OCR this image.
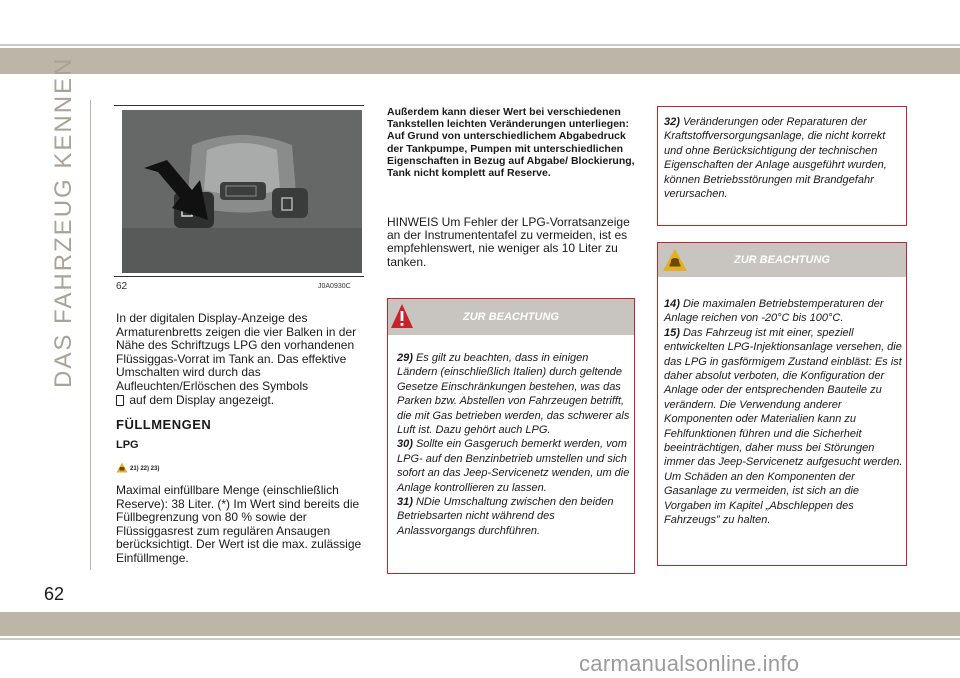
DAS FAHRZEUG KENNEN
62
62	J0A0930C
In der digitalen Display-Anzeige des Armaturenbretts zeigen die vier Balken in der Nähe des Schriftzugs LPG den vorhandenen Flüssiggas-Vorrat im Tank an. Das effektive Umschalten wird durch das Aufleuchten/Erlöschen des Symbols
auf dem Display angezeigt.
FÜLLMENGEN
LPG
21) 22) 23)
Maximal einfüllbare Menge (einschließlich Reserve): 38 Liter. (*) Im Wert sind bereits die Füllbegrenzung von 80 % sowie der Flüssiggasrest zum regulären Ansaugen berücksichtigt. Der Wert ist die max. zulässige Einfüllmenge.
Außerdem kann dieser Wert bei verschiedenen Tankstellen leichten Veränderungen unterliegen: Auf Grund von unterschiedlichem Abgabedruck der Tankpumpe, Pumpen mit unterschiedlichen Eigenschaften in Bezug auf Abgabe/ Blockierung, Tank nicht komplett auf Reserve.
HINWEIS Um Fehler der LPG-Vorratsanzeige an der Instrumententafel zu vermeiden, ist es empfehlenswert, nie weniger als 10 Liter zu tanken.
ZUR BEACHTUNG
29) Es gilt zu beachten, dass in einigen Ländern (einschließlich Italien) durch geltende Gesetze Einschränkungen bestehen, was das Parken bzw. Abstellen von Fahrzeugen betrifft, die mit Gas betrieben werden, das schwerer als Luft ist. Dazu gehört auch LPG.
30) Sollte ein Gasgeruch bemerkt werden, vom LPG- auf den Benzinbetrieb umstellen und sich sofort an das Jeep-Servicenetz wenden, um die Anlage kontrollieren zu lassen.
31) NDie Umschaltung zwischen den beiden Betriebsarten nicht während des Anlassvorgangs durchführen.
32) Veränderungen oder Reparaturen der Kraftstoffversorgungsanlage, die nicht korrekt und ohne Berücksichtigung der technischen Eigenschaften der Anlage ausgeführt wurden, können Betriebsstörungen mit Brandgefahr verursachen.
ZUR BEACHTUNG
14) Die maximalen Betriebstemperaturen der Anlage reichen von -20°C bis 100°C.
15) Das Fahrzeug ist mit einer, speziell entwickelten LPG-Injektionsanlage versehen, die das LPG in gasförmigem Zustand einbläst: Es ist daher absolut verboten, die Konfiguration der Anlage oder der entsprechenden Bauteile zu verändern. Die Verwendung anderer Komponenten oder Materialien kann zu Fehlfunktionen führen und die Sicherheit beeinträchtigen, daher muss bei Störungen immer das Jeep-Servicenetz aufgesucht werden. Um Schäden an den Komponenten der Gasanlage zu vermeiden, ist sich an die Vorgaben im Kapitel „Abschleppen des Fahrzeugs” zu halten.
carmanualsonline.info
